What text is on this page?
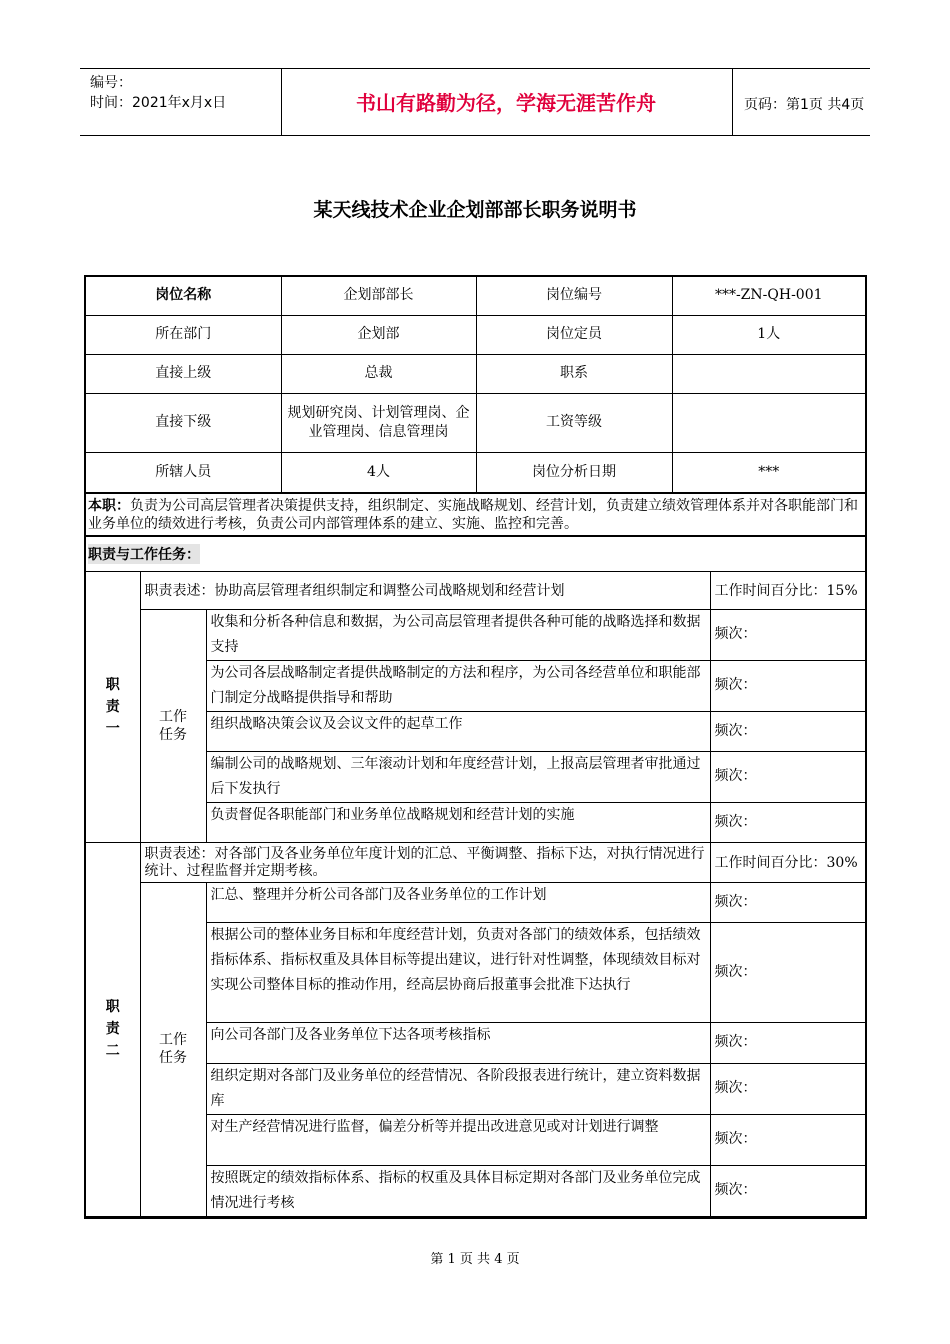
编号：
时间：2021年x月x日	书山有路勤为径，学海无涯苦作舟	页码：第1页 共4页
某天线技术企业企划部部长职务说明书
岗位名称	企划部部长	岗位编号	***-ZN-QH-001
所在部门	企划部	岗位定员	1人
直接上级	总裁	职系	
直接下级	规划研究岗、计划管理岗、企业管理岗、信息管理岗	工资等级	
所辖人员	4人	岗位分析日期	***
本职：负责为公司高层管理者决策提供支持，组织制定、实施战略规划、经营计划，负责建立绩效管理体系并对各职能部门和业务单位的绩效进行考核，负责公司内部管理体系的建立、实施、监控和完善。
职责与工作任务：
职责一	职责表述：协助高层管理者组织制定和调整公司战略规划和经营计划		工作时间百分比：15%

	工作任务	收集和分析各种信息和数据，为公司高层管理者提供各种可能的战略选择和数据支持	频次：
		为公司各层战略制定者提供战略制定的方法和程序，为公司各经营单位和职能部门制定分战略提供指导和帮助	频次：
		组织战略决策会议及会议文件的起草工作	频次：
		编制公司的战略规划、三年滚动计划和年度经营计划，上报高层管理者审批通过后下发执行	频次：
		负责督促各职能部门和业务单位战略规划和经营计划的实施	频次：

职责二	职责表述：对各部门及各业务单位年度计划的汇总、平衡调整、指标下达，对执行情况进行统计、过程监督并定期考核。		工作时间百分比：30%

	工作任务	汇总、整理并分析公司各部门及各业务单位的工作计划	频次：
		根据公司的整体业务目标和年度经营计划，负责对各部门的绩效体系，包括绩效指标体系、指标权重及具体目标等提出建议，进行针对性调整，体现绩效目标对实现公司整体目标的推动作用，经高层协商后报董事会批准下达执行	频次：
		向公司各部门及各业务单位下达各项考核指标	频次：
		组织定期对各部门及业务单位的经营情况、各阶段报表进行统计，建立资料数据库	频次：
		对生产经营情况进行监督，偏差分析等并提出改进意见或对计划进行调整	频次：
		按照既定的绩效指标体系、指标的权重及具体目标定期对各部门及业务单位完成情况进行考核	频次：
第 1 页 共 4 页
